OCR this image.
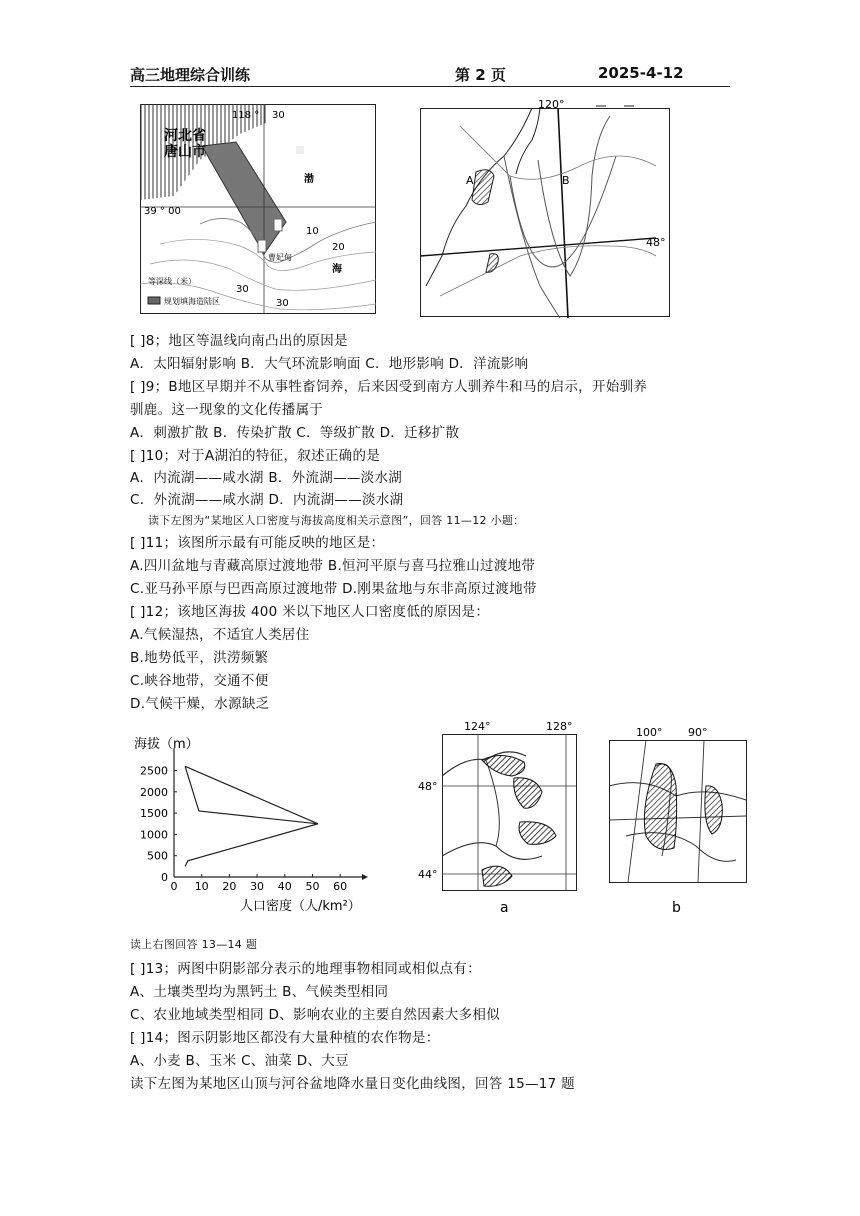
高三地理综合训练	第 2 页	2025-4-12
河北省
唐山市
118 ° 30
39 ° 00
曹妃甸
渤
海
10
20
30
30
等深线（米）
规划填海造陆区
A	B
120°
48°
[ ]8；地区等温线向南凸出的原因是
A．太阳辐射影响 B．大气环流影响面 C．地形影响 D．洋流影响
[ ]9；B地区早期并不从事牲畜饲养，后来因受到南方人驯养牛和马的启示，开始驯养
驯鹿。这一现象的文化传播属于
A．刺激扩散 B．传染扩散 C．等级扩散 D．迁移扩散
[ ]10；对于A湖泊的特征，叙述正确的是
A．内流湖——咸水湖 B．外流湖——淡水湖
C．外流湖——咸水湖 D．内流湖——淡水湖
读下左图为“某地区人口密度与海拔高度相关示意图”，回答 11—12 小题：
[ ]11；该图所示最有可能反映的地区是：
A.四川盆地与青藏高原过渡地带 B.恒河平原与喜马拉雅山过渡地带
C.亚马孙平原与巴西高原过渡地带 D.刚果盆地与东非高原过渡地带
[ ]12；该地区海拔 400 米以下地区人口密度低的原因是：
A.气候湿热，不适宜人类居住
B.地势低平，洪涝频繁
C.峡谷地带，交通不便
D.气候干燥，水源缺乏
海拔（m）
人口密度（人/km²）
0 10 20 30 40 50 60
0
500
1000
1500
2000
2500
124°	128°
48°
44°
a
100° 90°
b
读上右图回答 13—14 题
[ ]13；两图中阴影部分表示的地理事物相同或相似点有：
A、土壤类型均为黑钙土 B、气候类型相同
C、农业地域类型相同 D、影响农业的主要自然因素大多相似
[ ]14；图示阴影地区都没有大量种植的农作物是：
A、小麦 B、玉米 C、油菜 D、大豆
读下左图为某地区山顶与河谷盆地降水量日变化曲线图，回答 15—17 题
